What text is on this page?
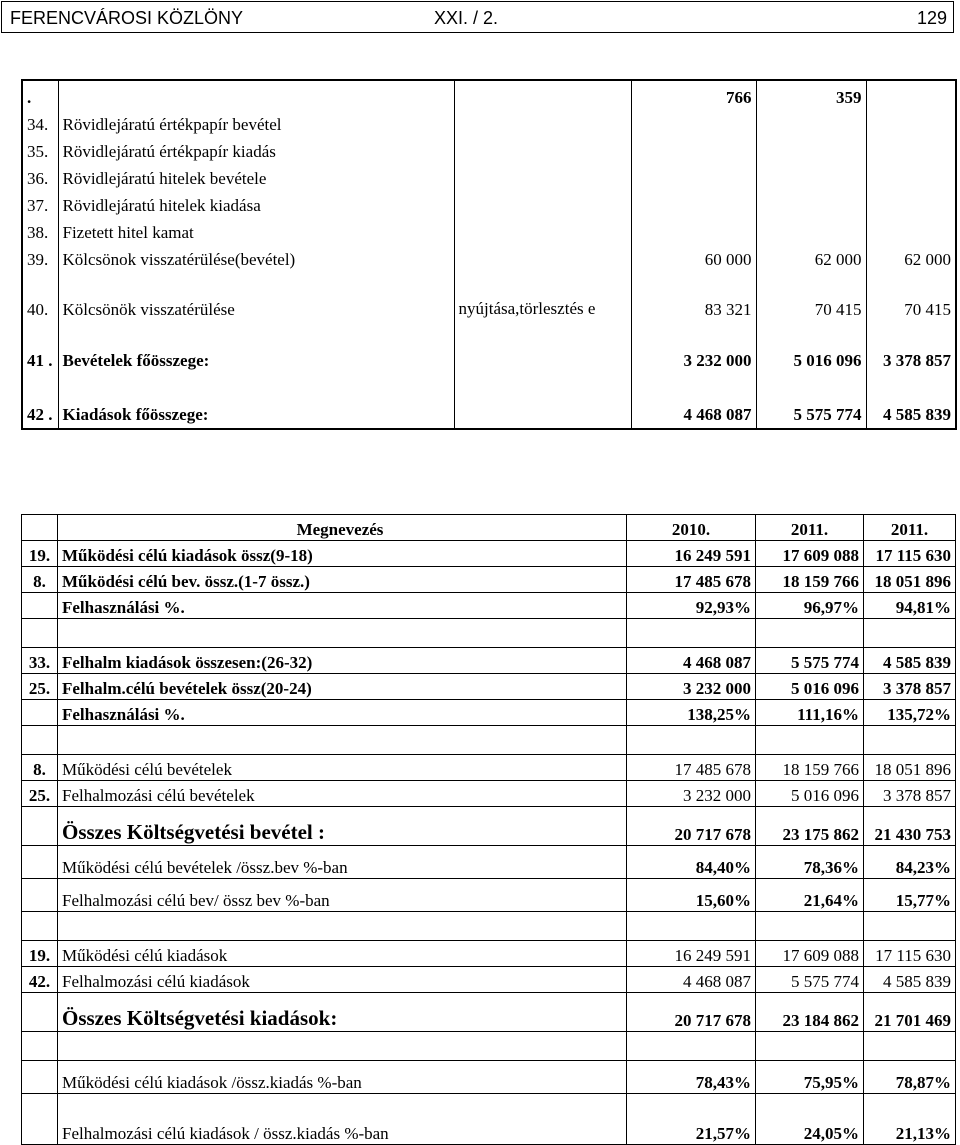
FERENCVÁROSI KÖZLÖNY	XXI. / 2.	129
.			766	359	
34.	Rövidlejáratú értékpapír bevétel				
35.	Rövidlejáratú értékpapír kiadás				
36.	Rövidlejáratú hitelek bevétele				
37.	Rövidlejáratú hitelek kiadása				
38.	Fizetett hitel kamat				
39.	Kölcsönok visszatérülése(bevétel)		60 000	62 000	62 000
40.	Kölcsönök visszatérülése	nyújtása,törlesztés e	83 321	70 415	70 415
41 .	Bevételek főösszege:		3 232 000	5 016 096	3 378 857
42 .	Kiadások főösszege:		4 468 087	5 575 774	4 585 839
	Megnevezés	2010.	2011.	2011.
19.	Működési célú kiadások össz(9-18)	16 249 591	17 609 088	17 115 630
8.	Működési célú bev. össz.(1-7 össz.)	17 485 678	18 159 766	18 051 896
	Felhasználási %.	92,93%	96,97%	94,81%

33.	Felhalm kiadások összesen:(26-32)	4 468 087	5 575 774	4 585 839
25.	Felhalm.célú bevételek össz(20-24)	3 232 000	5 016 096	3 378 857
	Felhasználási %.	138,25%	111,16%	135,72%

8.	Működési célú bevételek	17 485 678	18 159 766	18 051 896
25.	Felhalmozási célú bevételek	3 232 000	5 016 096	3 378 857
	Összes Költségvetési bevétel :	20 717 678	23 175 862	21 430 753
	Működési célú bevételek /össz.bev %-ban	84,40%	78,36%	84,23%
	Felhalmozási célú bev/ össz bev %-ban	15,60%	21,64%	15,77%

19.	Működési célú kiadások	16 249 591	17 609 088	17 115 630
42.	Felhalmozási célú kiadások	4 468 087	5 575 774	4 585 839
	Összes Költségvetési kiadások:	20 717 678	23 184 862	21 701 469

	Működési célú kiadások /össz.kiadás %-ban	78,43%	75,95%	78,87%
	Felhalmozási célú kiadások / össz.kiadás %-ban	21,57%	24,05%	21,13%
